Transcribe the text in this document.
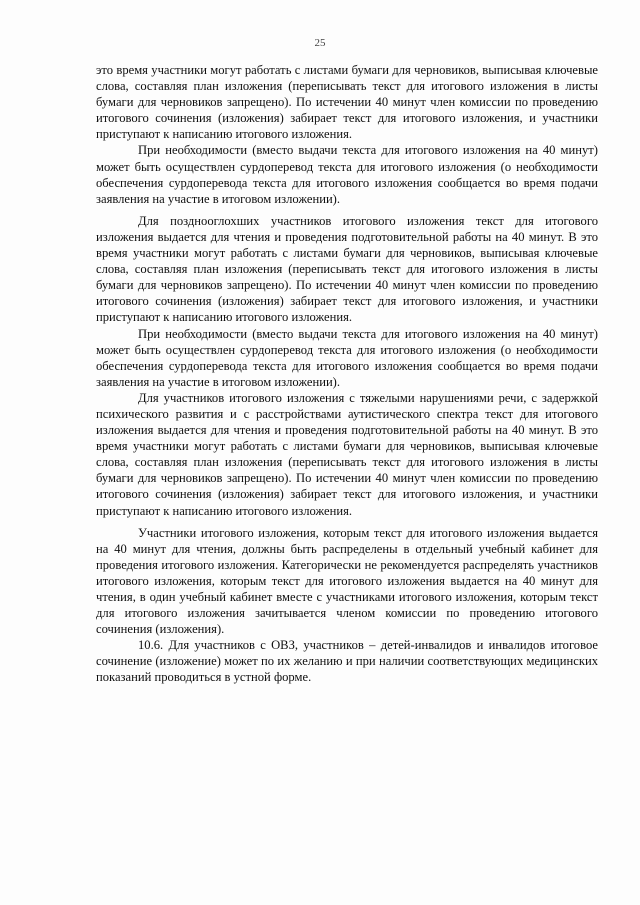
25

это время участники могут работать с листами бумаги для черновиков, выписывая ключевые слова, составляя план изложения (переписывать текст для итогового изложения в листы бумаги для черновиков запрещено). По истечении 40 минут член комиссии по проведению итогового сочинения (изложения) забирает текст для итогового изложения, и участники приступают к написанию итогового изложения.

При необходимости (вместо выдачи текста для итогового изложения на 40 минут) может быть осуществлен сурдоперевод текста для итогового изложения (о необходимости обеспечения сурдоперевода текста для итогового изложения сообщается во время подачи заявления на участие в итоговом изложении).

Для позднооглохших участников итогового изложения текст для итогового изложения выдается для чтения и проведения подготовительной работы на 40 минут. В это время участники могут работать с листами бумаги для черновиков, выписывая ключевые слова, составляя план изложения (переписывать текст для итогового изложения в листы бумаги для черновиков запрещено). По истечении 40 минут член комиссии по проведению итогового сочинения (изложения) забирает текст для итогового изложения, и участники приступают к написанию итогового изложения.

При необходимости (вместо выдачи текста для итогового изложения на 40 минут) может быть осуществлен сурдоперевод текста для итогового изложения (о необходимости обеспечения сурдоперевода текста для итогового изложения сообщается во время подачи заявления на участие в итоговом изложении).

Для участников итогового изложения с тяжелыми нарушениями речи, с задержкой психического развития и с расстройствами аутистического спектра текст для итогового изложения выдается для чтения и проведения подготовительной работы на 40 минут. В это время участники могут работать с листами бумаги для черновиков, выписывая ключевые слова, составляя план изложения (переписывать текст для итогового изложения в листы бумаги для черновиков запрещено). По истечении 40 минут член комиссии по проведению итогового сочинения (изложения) забирает текст для итогового изложения, и участники приступают к написанию итогового изложения.

Участники итогового изложения, которым текст для итогового изложения выдается на 40 минут для чтения, должны быть распределены в отдельный учебный кабинет для проведения итогового изложения. Категорически не рекомендуется распределять участников итогового изложения, которым текст для итогового изложения выдается на 40 минут для чтения, в один учебный кабинет вместе с участниками итогового изложения, которым текст для итогового изложения зачитывается членом комиссии по проведению итогового сочинения (изложения).

10.6. Для участников с ОВЗ, участников – детей-инвалидов и инвалидов итоговое сочинение (изложение) может по их желанию и при наличии соответствующих медицинских показаний проводиться в устной форме.
